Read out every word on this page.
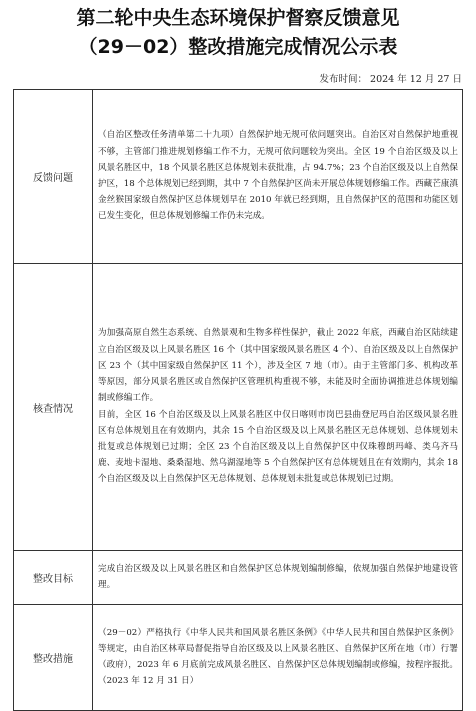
第二轮中央生态环境保护督察反馈意见
（29－02）整改措施完成情况公示表
发布时间： 2024 年 12 月 27 日
反馈问题	（自治区整改任务清单第二十九项）自然保护地无规可依问题突出。自治区对自然保护地重视不够，主管部门推进规划修编工作不力，无规可依问题较为突出。全区 19 个自治区级及以上风景名胜区中，18 个风景名胜区总体规划未获批准，占 94.7%；23 个自治区级及以上自然保护区，18 个总体规划已经到期，其中 7 个自然保护区尚未开展总体规划修编工作。西藏芒康滇金丝猴国家级自然保护区总体规划早在 2010 年就已经到期，且自然保护区的范围和功能区划已发生变化，但总体规划修编工作仍未完成。

核查情况	为加强高原自然生态系统、自然景观和生物多样性保护，截止 2022 年底，西藏自治区陆续建立自治区级及以上风景名胜区 16 个（其中国家级风景名胜区 4 个）、自治区级及以上自然保护区 23 个（其中国家级自然保护区 11 个），涉及全区 7 地（市）。由于主管部门多、机构改革等原因，部分风景名胜区或自然保护区管理机构重视不够，未能及时全面协调推进总体规划编制或修编工作。

目前，全区 16 个自治区级及以上风景名胜区中仅日喀则市岗巴县曲登尼玛自治区级风景名胜区有总体规划且在有效期内，其余 15 个自治区级及以上风景名胜区无总体规划、总体规划未批复或总体规划已过期；全区 23 个自治区级及以上自然保护区中仅珠穆朗玛峰、类乌齐马鹿、麦地卡湿地、桑桑湿地、然乌湖湿地等 5 个自然保护区有总体规划且在有效期内，其余 18 个自治区级及以上自然保护区无总体规划、总体规划未批复或总体规划已过期。

整改目标	完成自治区级及以上风景名胜区和自然保护区总体规划编制修编，依规加强自然保护地建设管理。

整改措施	（29－02）严格执行《中华人民共和国风景名胜区条例》《中华人民共和国自然保护区条例》等规定，由自治区林草局督促指导自治区级及以上风景名胜区、自然保护区所在地（市）行署（政府），2023 年 6 月底前完成风景名胜区、自然保护区总体规划编制或修编，按程序报批。（2023 年 12 月 31 日）
